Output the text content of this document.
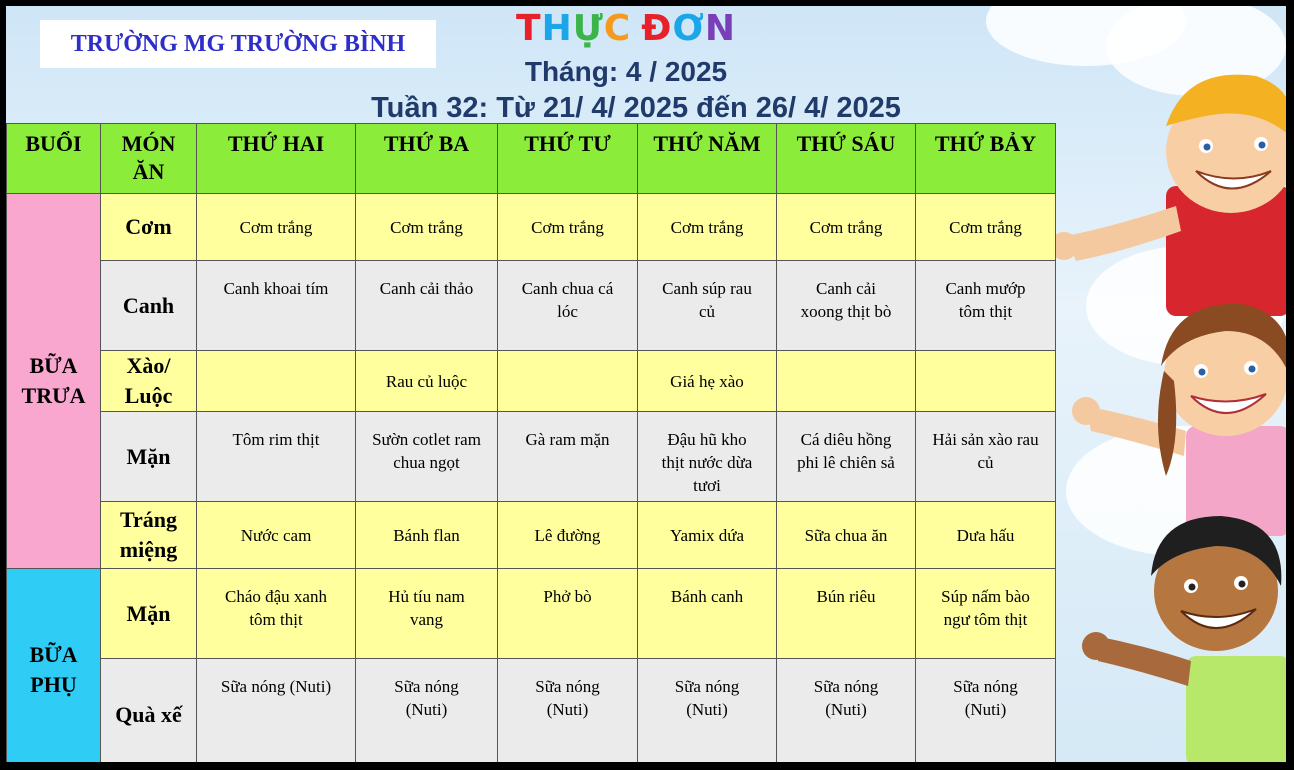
TRƯỜNG MG TRƯỜNG BÌNH	THỰC ĐƠN
Tháng: 4 / 2025
Tuần 32: Từ 21/ 4/ 2025 đến 26/ 4/ 2025
BUỔI	MÓN ĂN	THỨ HAI	THỨ BA	THỨ TƯ	THỨ NĂM	THỨ SÁU	THỨ BẢY
BỮA TRƯA	Cơm	Cơm trắng	Cơm trắng	Cơm trắng	Cơm trắng	Cơm trắng	Cơm trắng
	Canh	Canh khoai tím	Canh cải thảo	Canh chua cá lóc	Canh súp rau củ	Canh cải xoong thịt bò	Canh mướp tôm thịt
	Xào/ Luộc		Rau củ luộc		Giá hẹ xào		
	Mặn	Tôm rim thịt	Sườn cotlet ram chua ngọt	Gà ram mặn	Đậu hũ kho thịt nước dừa tươi	Cá diêu hồng phi lê chiên sả	Hải sản xào rau củ
	Tráng miệng	Nước cam	Bánh flan	Lê đường	Yamix dứa	Sữa chua ăn	Dưa hấu
BỮA PHỤ	Mặn	Cháo đậu xanh tôm thịt	Hủ tíu nam vang	Phở bò	Bánh canh	Bún riêu	Súp nấm bào ngư tôm thịt
	Quà xế	Sữa nóng (Nuti)	Sữa nóng (Nuti)	Sữa nóng (Nuti)	Sữa nóng (Nuti)	Sữa nóng (Nuti)	Sữa nóng (Nuti)
